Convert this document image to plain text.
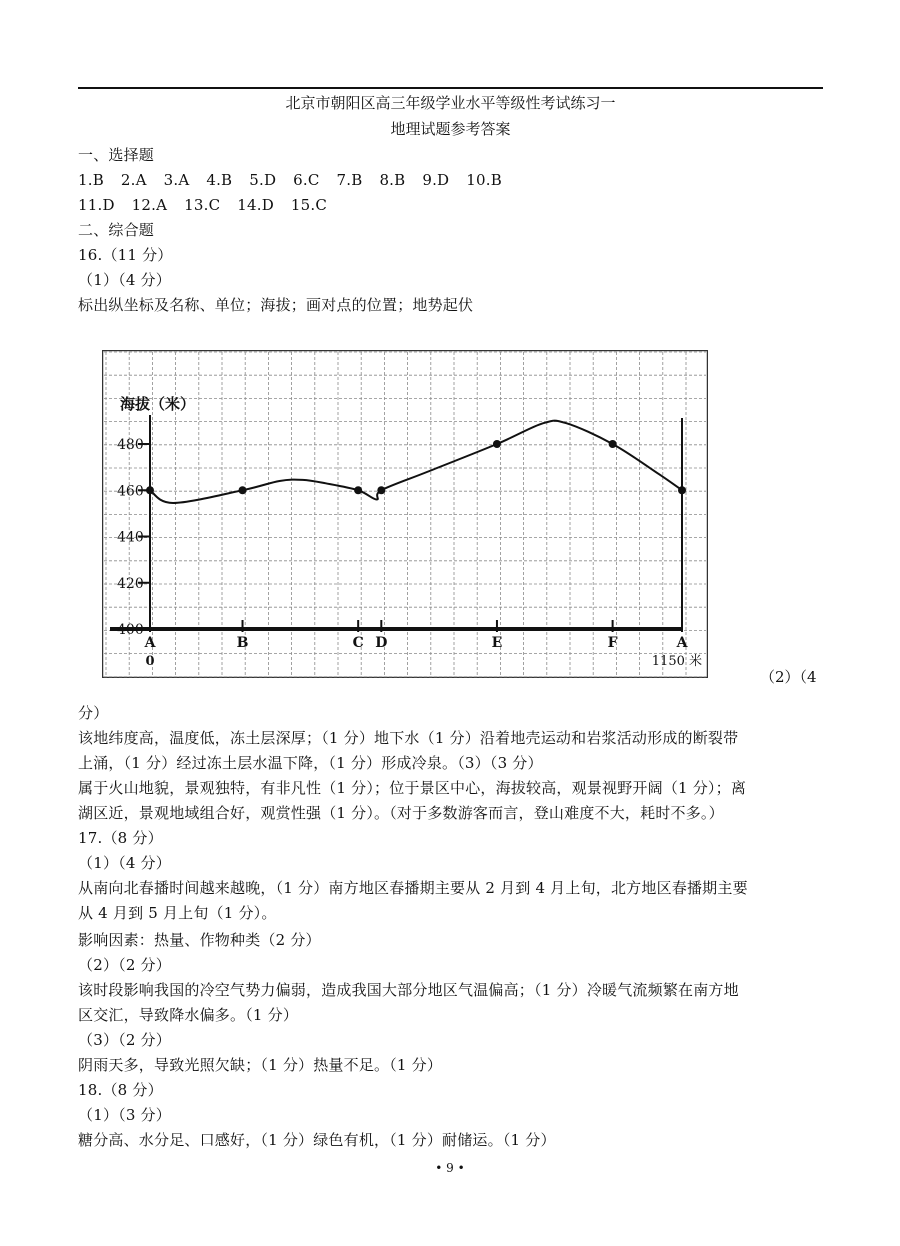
北京市朝阳区高三年级学业水平等级性考试练习一
地理试题参考答案
一、选择题
1.B 2.A 3.A 4.B 5.D 6.C 7.B 8.B 9.D 10.B
11.D 12.A 13.C 14.D 15.C
二、综合题
16.（11 分）
（1）（4 分）
标出纵坐标及名称、单位；海拔；画对点的位置；地势起伏
海拔（米）
400
420
440
460
480
A	B	C D	E	F	A
0	1150 米
（2）（4
分）
该地纬度高，温度低，冻土层深厚；（1 分）地下水（1 分）沿着地壳运动和岩浆活动形成的断裂带
上涌，（1 分）经过冻土层水温下降，（1 分）形成冷泉。（3）（3 分）
属于火山地貌，景观独特，有非凡性（1 分）；位于景区中心，海拔较高，观景视野开阔（1 分）；离
湖区近，景观地域组合好，观赏性强（1 分）。（对于多数游客而言，登山难度不大，耗时不多。）
17.（8 分）
（1）（4 分）
从南向北春播时间越来越晚，（1 分）南方地区春播期主要从 2 月到 4 月上旬，北方地区春播期主要
从 4 月到 5 月上旬（1 分）。
影响因素：热量、作物种类（2 分）
（2）（2 分）
该时段影响我国的冷空气势力偏弱，造成我国大部分地区气温偏高；（1 分）冷暖气流频繁在南方地
区交汇，导致降水偏多。（1 分）
（3）（2 分）
阴雨天多，导致光照欠缺；（1 分）热量不足。（1 分）
18.（8 分）
（1）（3 分）
糖分高、水分足、口感好，（1 分）绿色有机，（1 分）耐储运。（1 分）
• 9 •
